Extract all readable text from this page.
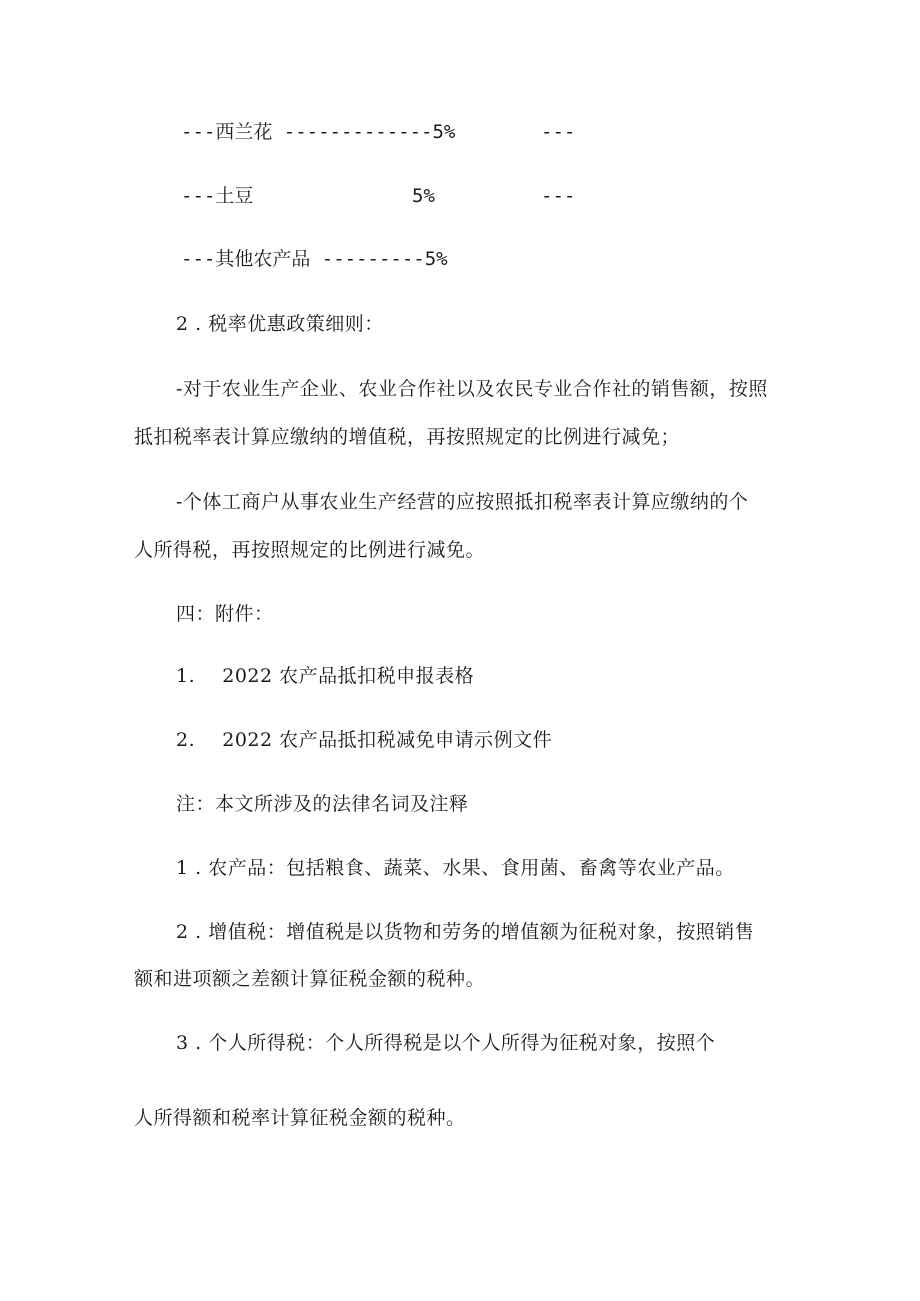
---西兰花 -------------5%	---
---土豆	5%	---
---其他农产品 ---------5%
2 . 税率优惠政策细则：
-对于农业生产企业、农业合作社以及农民专业合作社的销售额，按照
抵扣税率表计算应缴纳的增值税，再按照规定的比例进行减免；
-个体工商户从事农业生产经营的应按照抵扣税率表计算应缴纳的个
人所得税，再按照规定的比例进行减免。
四：附件：
1. 2022 农产品抵扣税申报表格
2. 2022 农产品抵扣税减免申请示例文件
注：本文所涉及的法律名词及注释
1 . 农产品：包括粮食、蔬菜、水果、食用菌、畜禽等农业产品。
2 . 增值税：增值税是以货物和劳务的增值额为征税对象，按照销售
额和进项额之差额计算征税金额的税种。
3 . 个人所得税：个人所得税是以个人所得为征税对象，按照个
人所得额和税率计算征税金额的税种。
